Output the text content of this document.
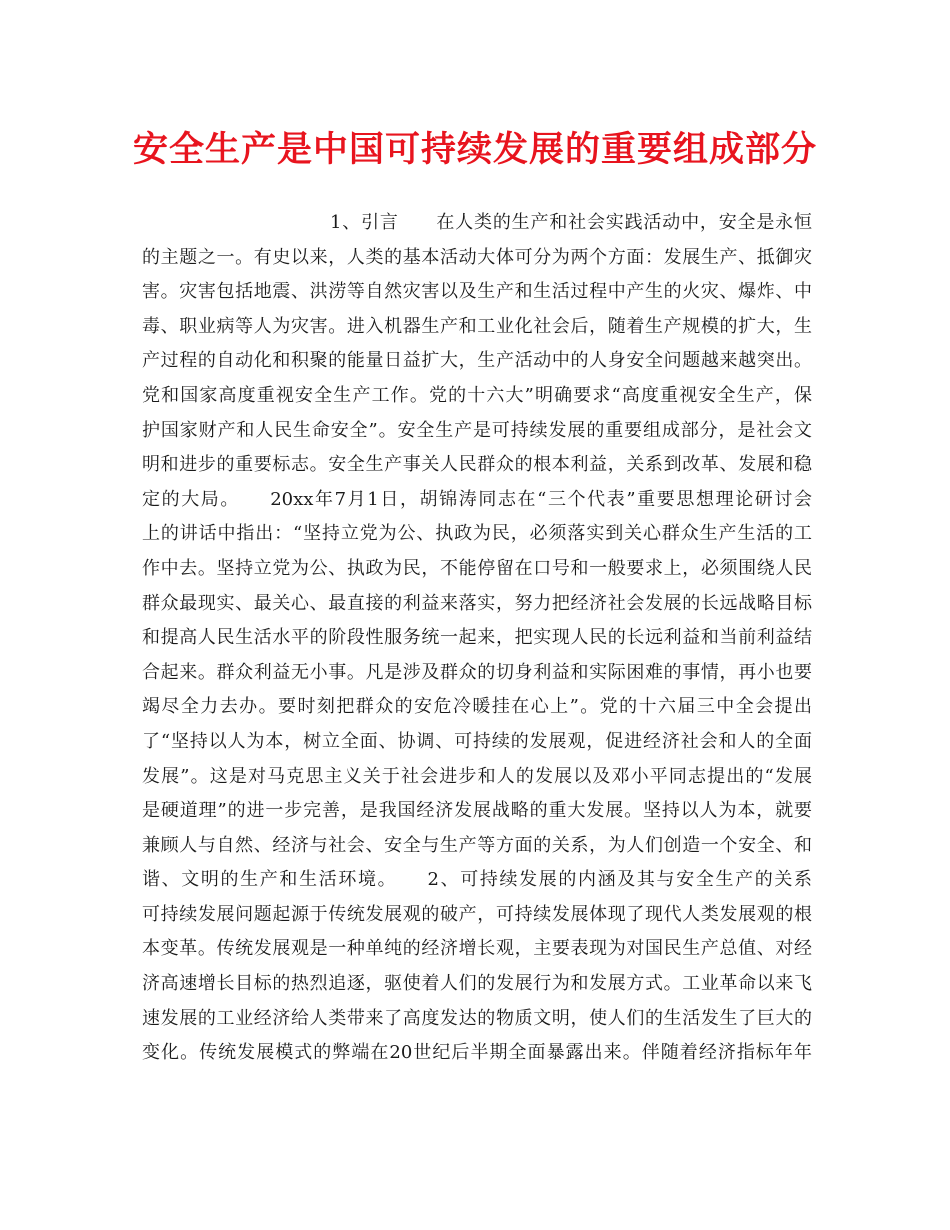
安全生产是中国可持续发展的重要组成部分
1、引言　　在人类的生产和社会实践活动中，安全是永恒
的主题之一。有史以来，人类的基本活动大体可分为两个方面：发展生产、抵御灾
害。灾害包括地震、洪涝等自然灾害以及生产和生活过程中产生的火灾、爆炸、中
毒、职业病等人为灾害。进入机器生产和工业化社会后，随着生产规模的扩大，生
产过程的自动化和积聚的能量日益扩大，生产活动中的人身安全问题越来越突出。
党和国家高度重视安全生产工作。党的十六大”明确要求“高度重视安全生产，保
护国家财产和人民生命安全”。安全生产是可持续发展的重要组成部分，是社会文
明和进步的重要标志。安全生产事关人民群众的根本利益，关系到改革、发展和稳
定的大局。　　20xx年7月1日，胡锦涛同志在“三个代表”重要思想理论研讨会
上的讲话中指出：“坚持立党为公、执政为民，必须落实到关心群众生产生活的工
作中去。坚持立党为公、执政为民，不能停留在口号和一般要求上，必须围绕人民
群众最现实、最关心、最直接的利益来落实，努力把经济社会发展的长远战略目标
和提高人民生活水平的阶段性服务统一起来，把实现人民的长远利益和当前利益结
合起来。群众利益无小事。凡是涉及群众的切身利益和实际困难的事情，再小也要
竭尽全力去办。要时刻把群众的安危冷暖挂在心上”。党的十六届三中全会提出
了“坚持以人为本，树立全面、协调、可持续的发展观，促进经济社会和人的全面
发展”。这是对马克思主义关于社会进步和人的发展以及邓小平同志提出的“发展
是硬道理”的进一步完善，是我国经济发展战略的重大发展。坚持以人为本，就要
兼顾人与自然、经济与社会、安全与生产等方面的关系，为人们创造一个安全、和
谐、文明的生产和生活环境。　　2、可持续发展的内涵及其与安全生产的关系
可持续发展问题起源于传统发展观的破产，可持续发展体现了现代人类发展观的根
本变革。传统发展观是一种单纯的经济增长观，主要表现为对国民生产总值、对经
济高速增长目标的热烈追逐，驱使着人们的发展行为和发展方式。工业革命以来飞
速发展的工业经济给人类带来了高度发达的物质文明，使人们的生活发生了巨大的
变化。传统发展模式的弊端在20世纪后半期全面暴露出来。伴随着经济指标年年
